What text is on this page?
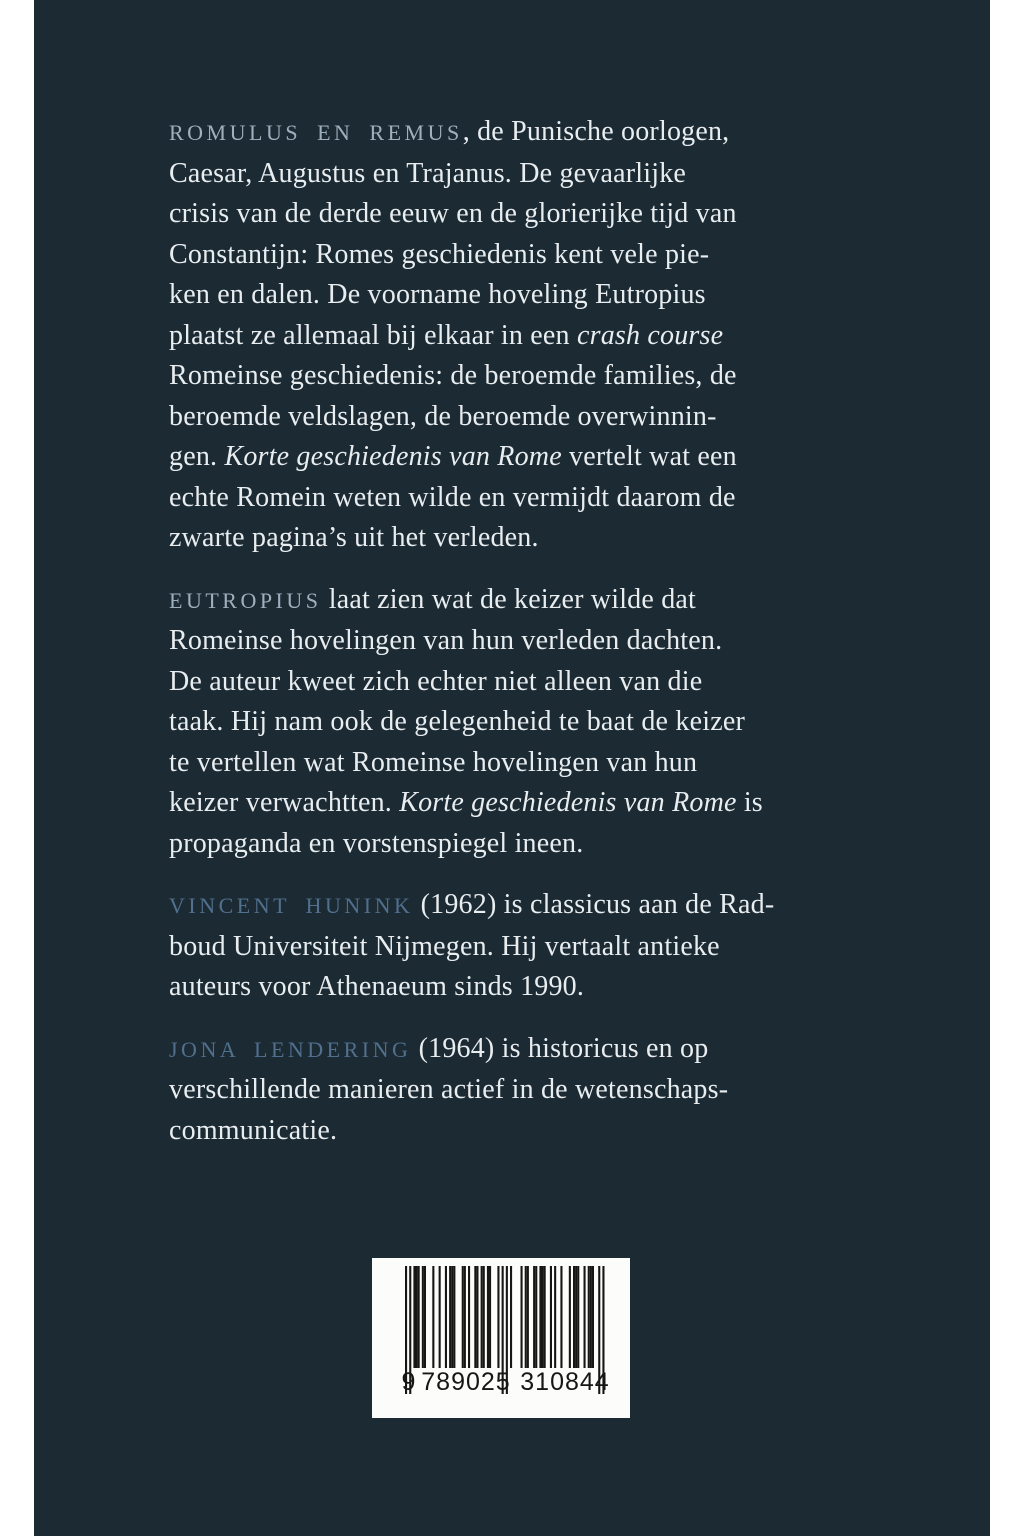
ROMULUS EN REMUS, de Punische oorlogen,
Caesar, Augustus en Trajanus. De gevaarlijke
crisis van de derde eeuw en de glorierijke tijd van
Constantijn: Romes geschiedenis kent vele pie-
ken en dalen. De voorname hoveling Eutropius
plaatst ze allemaal bij elkaar in een crash course
Romeinse geschiedenis: de beroemde families, de
beroemde veldslagen, de beroemde overwinnin-
gen. Korte geschiedenis van Rome vertelt wat een
echte Romein weten wilde en vermijdt daarom de
zwarte pagina’s uit het verleden.
EUTROPIUS laat zien wat de keizer wilde dat
Romeinse hovelingen van hun verleden dachten.
De auteur kweet zich echter niet alleen van die
taak. Hij nam ook de gelegenheid te baat de keizer
te vertellen wat Romeinse hovelingen van hun
keizer verwachtten. Korte geschiedenis van Rome is
propaganda en vorstenspiegel ineen.
VINCENT HUNINK (1962) is classicus aan de Rad-
boud Universiteit Nijmegen. Hij vertaalt antieke
auteurs voor Athenaeum sinds 1990.
JONA LENDERING (1964) is historicus en op
verschillende manieren actief in de wetenschaps-
communicatie.
9 789025 310844
